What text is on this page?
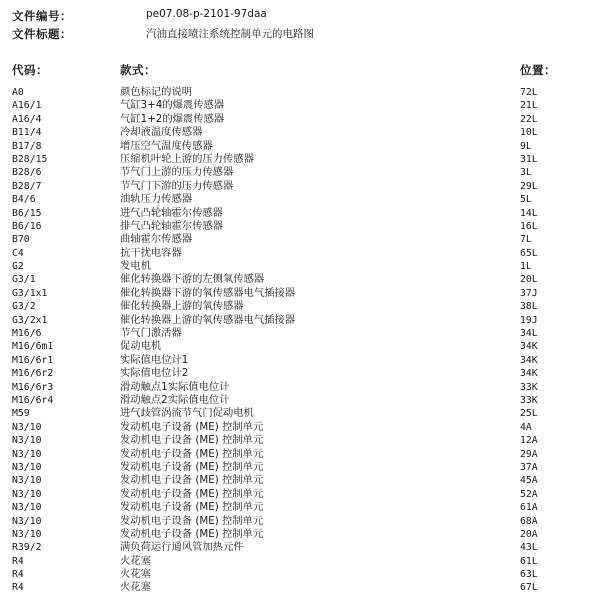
文件编号：	pe07.08-p-2101-97daa
文件标题：	汽油直接喷注系统控制单元的电路图
代码：	款式：	位置：
A0	颜色标记的说明	72L
A16/1	气缸3+4的爆震传感器	21L
A16/4	气缸1+2的爆震传感器	22L
B11/4	冷却液温度传感器	10L
B17/8	增压空气温度传感器	9L
B28/15	压缩机叶轮上游的压力传感器	31L
B28/6	节气门上游的压力传感器	3L
B28/7	节气门下游的压力传感器	29L
B4/6	油轨压力传感器	5L
B6/15	进气凸轮轴霍尔传感器	14L
B6/16	排气凸轮轴霍尔传感器	16L
B70	曲轴霍尔传感器	7L
C4	抗干扰电容器	65L
G2	发电机	1L
G3/1	催化转换器下游的左侧氧传感器	20L
G3/1x1	催化转换器下游的氧传感器电气插接器	37J
G3/2	催化转换器上游的氧传感器	38L
G3/2x1	催化转换器上游的氧传感器电气插接器	19J
M16/6	节气门激活器	34L
M16/6m1	促动电机	34K
M16/6r1	实际值电位计1	34K
M16/6r2	实际值电位计2	34K
M16/6r3	滑动触点1实际值电位计	33K
M16/6r4	滑动触点2实际值电位计	33K
M59	进气歧管涡流节气门促动电机	25L
N3/10	发动机电子设备 (ME) 控制单元	4A
N3/10	发动机电子设备 (ME) 控制单元	12A
N3/10	发动机电子设备 (ME) 控制单元	29A
N3/10	发动机电子设备 (ME) 控制单元	37A
N3/10	发动机电子设备 (ME) 控制单元	45A
N3/10	发动机电子设备 (ME) 控制单元	52A
N3/10	发动机电子设备 (ME) 控制单元	61A
N3/10	发动机电子设备 (ME) 控制单元	68A
N3/10	发动机电子设备 (ME) 控制单元	20A
R39/2	满负荷运行通风管加热元件	43L
R4	火花塞	61L
R4	火花塞	63L
R4	火花塞	67L
